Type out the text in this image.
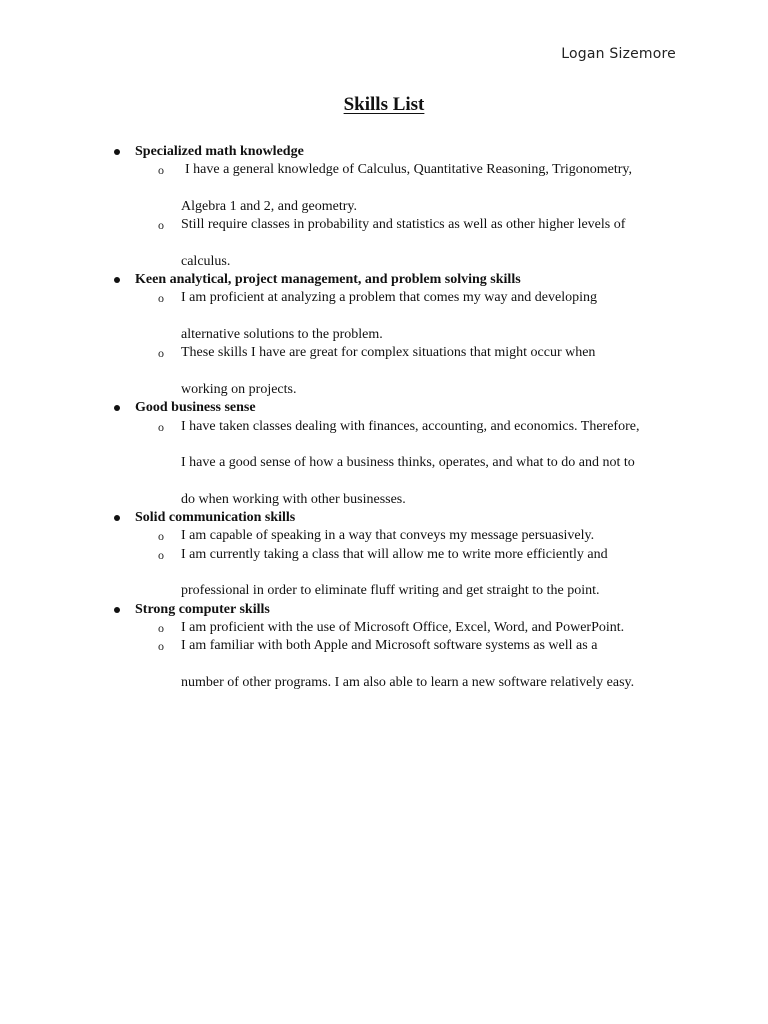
Logan Sizemore
Skills List
Specialized math knowledge
o I have a general knowledge of Calculus, Quantitative Reasoning, Trigonometry,
Algebra 1 and 2, and geometry.
o Still require classes in probability and statistics as well as other higher levels of
calculus.
Keen analytical, project management, and problem solving skills
o I am proficient at analyzing a problem that comes my way and developing
alternative solutions to the problem.
o These skills I have are great for complex situations that might occur when
working on projects.
Good business sense
o I have taken classes dealing with finances, accounting, and economics. Therefore,
I have a good sense of how a business thinks, operates, and what to do and not to
do when working with other businesses.
Solid communication skills
o I am capable of speaking in a way that conveys my message persuasively.
o I am currently taking a class that will allow me to write more efficiently and
professional in order to eliminate fluff writing and get straight to the point.
Strong computer skills
o I am proficient with the use of Microsoft Office, Excel, Word, and PowerPoint.
o I am familiar with both Apple and Microsoft software systems as well as a
number of other programs. I am also able to learn a new software relatively easy.
